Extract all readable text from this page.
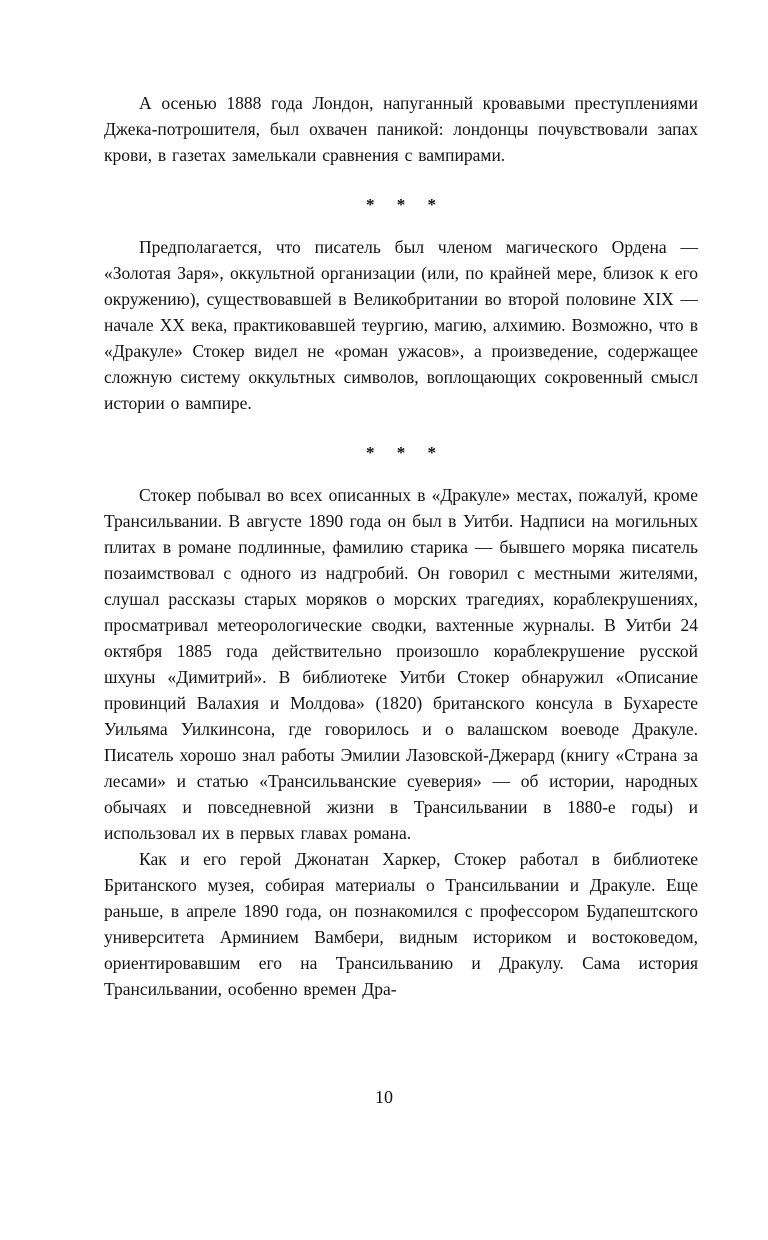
А осенью 1888 года Лондон, напуганный кровавыми преступлениями Джека-потрошителя, был охвачен паникой: лондонцы почувствовали запах крови, в газетах замелькали сравнения с вампирами.

* * *

Предполагается, что писатель был членом магического Ордена — «Золотая Заря», оккультной организации (или, по крайней мере, близок к его окружению), существовавшей в Великобритании во второй половине XIX — начале XX века, практиковавшей теургию, магию, алхимию. Возможно, что в «Дракуле» Стокер видел не «роман ужасов», а произведение, содержащее сложную систему оккультных символов, воплощающих сокровенный смысл истории о вампире.

* * *

Стокер побывал во всех описанных в «Дракуле» местах, пожалуй, кроме Трансильвании. В августе 1890 года он был в Уитби. Надписи на могильных плитах в романе подлинные, фамилию старика — бывшего моряка писатель позаимствовал с одного из надгробий. Он говорил с местными жителями, слушал рассказы старых моряков о морских трагедиях, кораблекрушениях, просматривал метеорологические сводки, вахтенные журналы. В Уитби 24 октября 1885 года действительно произошло кораблекрушение русской шхуны «Димитрий». В библиотеке Уитби Стокер обнаружил «Описание провинций Валахия и Молдова» (1820) британского консула в Бухаресте Уильяма Уилкинсона, где говорилось и о валашском воеводе Дракуле. Писатель хорошо знал работы Эмилии Лазовской-Джерард (книгу «Страна за лесами» и статью «Трансильванские суеверия» — об истории, народных обычаях и повседневной жизни в Трансильвании в 1880-е годы) и использовал их в первых главах романа.

Как и его герой Джонатан Харкер, Стокер работал в библиотеке Британского музея, собирая материалы о Трансильвании и Дракуле. Еще раньше, в апреле 1890 года, он познакомился с профессором Будапештского университета Арминием Вамбери, видным историком и востоковедом, ориентировавшим его на Трансильванию и Дракулу. Сама история Трансильвании, особенно времен Дра-

10
